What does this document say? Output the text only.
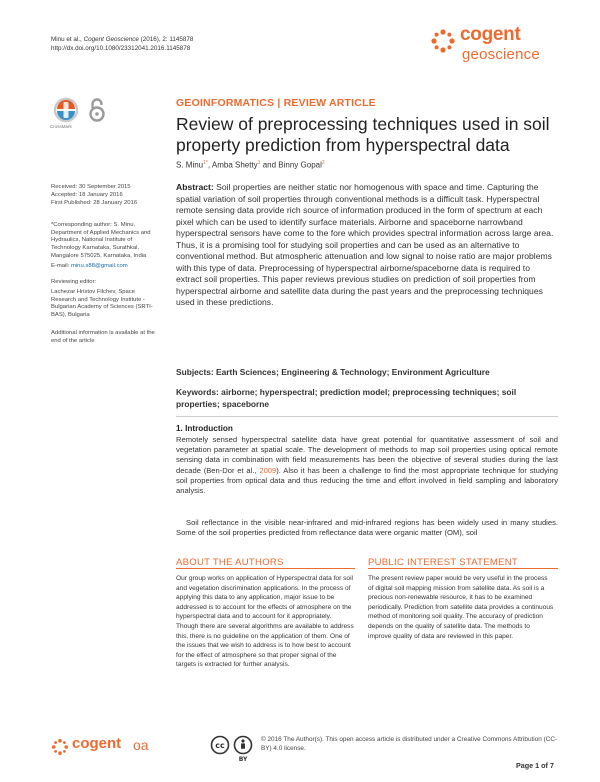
Minu et al., Cogent Geoscience (2016), 2: 1145878
http://dx.doi.org/10.1080/23312041.2016.1145878
cogent
geoscience
CrossMark
GEOINFORMATICS | REVIEW ARTICLE
Review of preprocessing techniques used in soil property prediction from hyperspectral data
S. Minu$^{1*}$, Amba Shetty$^1$ and Binny Gopal$^2$
Received: 30 September 2015
Accepted: 18 January 2016
First Published: 28 January 2016
*Corresponding author: S. Minu, Department of Applied Mechanics and Hydraulics, National Institute of Technology Karnataka, Surathkal, Mangalore 575025, Karnataka, India
E-mail: minu.s88@gmail.com
Reviewing editor:
Lachezar Hristov Filchev, Space Research and Technology Institute - Bulgarian Academy of Sciences (SRTI-BAS), Bulgaria
Additional information is available at the end of the article
Abstract: Soil properties are neither static nor homogenous with space and time. Capturing the spatial variation of soil properties through conventional methods is a difficult task. Hyperspectral remote sensing data provide rich source of information produced in the form of spectrum at each pixel which can be used to identify surface materials. Airborne and spaceborne narrowband hyperspectral sensors have come to the fore which provides spectral information across large area. Thus, it is a promising tool for studying soil properties and can be used as an alternative to conventional method. But atmospheric attenuation and low signal to noise ratio are major problems with this type of data. Preprocessing of hyperspectral airborne/spaceborne data is required to extract soil properties. This paper reviews previous studies on prediction of soil properties from hyperspectral airborne and satellite data during the past years and the preprocessing techniques used in these predictions.
Subjects: Earth Sciences; Engineering & Technology; Environment Agriculture
Keywords: airborne; hyperspectral; prediction model; preprocessing techniques; soil properties; spaceborne
1. Introduction
Remotely sensed hyperspectral satellite data have great potential for quantitative assessment of soil and vegetation parameter at spatial scale. The development of methods to map soil properties using optical remote sensing data in combination with field measurements has been the objective of several studies during the last decade (Ben-Dor et al., 2009). Also it has been a challenge to find the most appropriate technique for studying soil properties from optical data and thus reducing the time and effort involved in field sampling and laboratory analysis.
Soil reflectance in the visible near-infrared and mid-infrared regions has been widely used in many studies. Some of the soil properties predicted from reflectance data were organic matter (OM), soil
ABOUT THE AUTHORS
Our group works on application of Hyperspectral data for soil and vegetation discrimination applications. In the process of applying this data to any application, major issue to be addressed is to account for the effects of atmosphere on the hyperspectral data and to account for it appropriately. Though there are several algorithms are available to address this, there is no guideline on the application of them. One of the issues that we wish to address is to how best to account for the effect of atmosphere so that proper signal of the targets is extracted for further analysis.
PUBLIC INTEREST STATEMENT
The present review paper would be very useful in the process of digital soil mapping mission from satellite data. As soil is a precious non-renewable resource, it has to be examined periodically. Prediction from satellite data provides a continuous method of monitoring soil quality. The accuracy of prediction depends on the quality of satellite data. The methods to improve quality of data are reviewed in this paper.
cogent oa	cc
BY
© 2016 The Author(s). This open access article is distributed under a Creative Commons Attribution (CC-BY) 4.0 license.
Page 1 of 7
